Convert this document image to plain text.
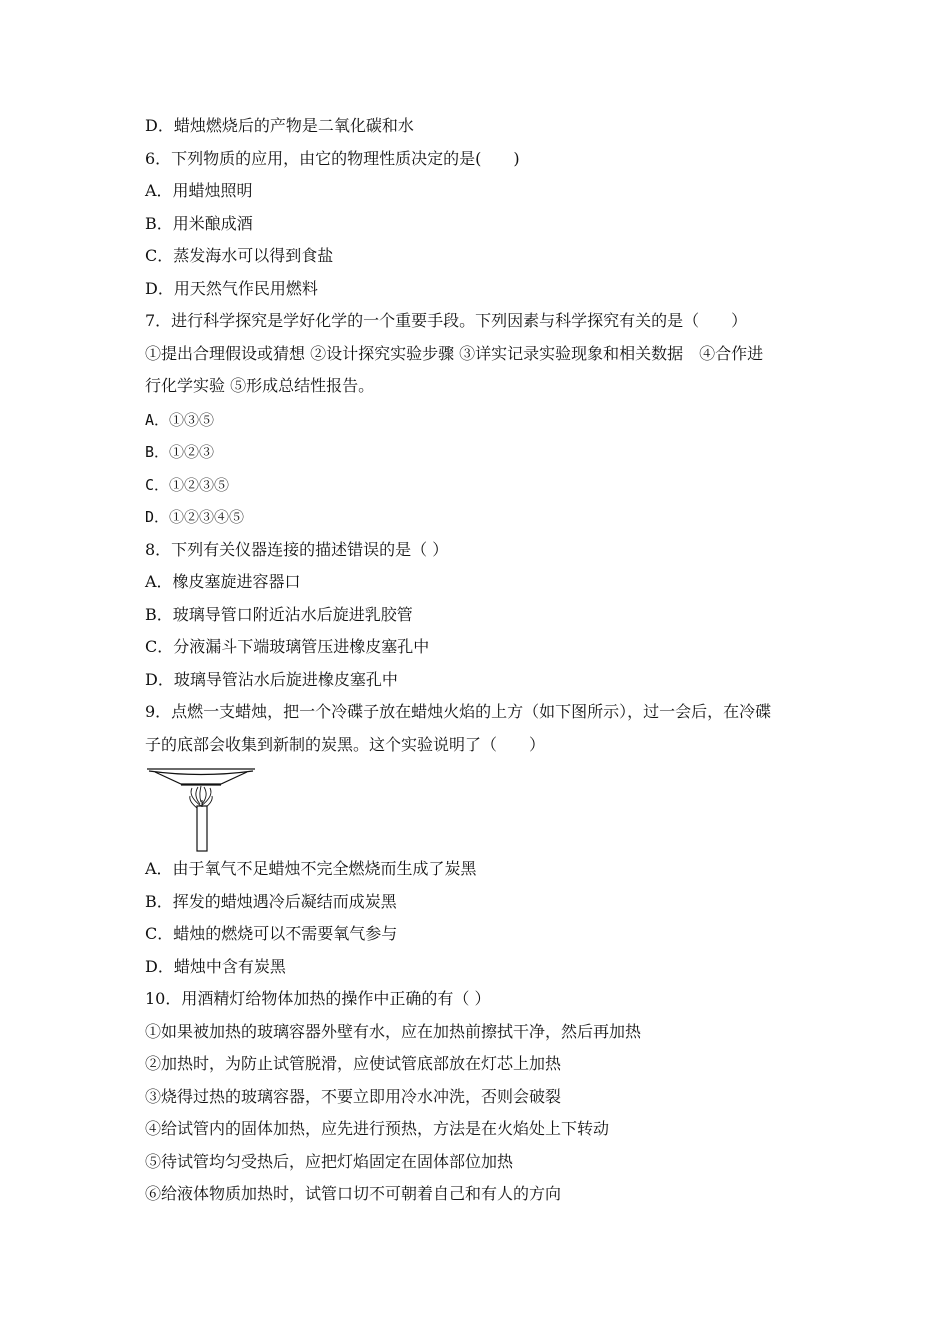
D．蜡烛燃烧后的产物是二氧化碳和水
6．下列物质的应用，由它的物理性质决定的是(　　)
A．用蜡烛照明
B．用米酿成酒
C．蒸发海水可以得到食盐
D．用天然气作民用燃料
7．进行科学探究是学好化学的一个重要手段。下列因素与科学探究有关的是（　　）
①提出合理假设或猜想 ②设计探究实验步骤 ③详实记录实验现象和相关数据　④合作进
行化学实验 ⑤形成总结性报告。
A．①③⑤
B．①②③
C．①②③⑤
D．①②③④⑤
8．下列有关仪器连接的描述错误的是（ ）
A．橡皮塞旋进容器口
B．玻璃导管口附近沾水后旋进乳胶管
C．分液漏斗下端玻璃管压进橡皮塞孔中
D．玻璃导管沾水后旋进橡皮塞孔中
9．点燃一支蜡烛，把一个冷碟子放在蜡烛火焰的上方（如下图所示），过一会后，在冷碟
子的底部会收集到新制的炭黑。这个实验说明了（　　）
A．由于氧气不足蜡烛不完全燃烧而生成了炭黑
B．挥发的蜡烛遇冷后凝结而成炭黑
C．蜡烛的燃烧可以不需要氧气参与
D．蜡烛中含有炭黑
10．用酒精灯给物体加热的操作中正确的有（ ）
①如果被加热的玻璃容器外壁有水，应在加热前擦拭干净，然后再加热
②加热时，为防止试管脱滑，应使试管底部放在灯芯上加热
③烧得过热的玻璃容器，不要立即用冷水冲洗，否则会破裂
④给试管内的固体加热，应先进行预热，方法是在火焰处上下转动
⑤待试管均匀受热后，应把灯焰固定在固体部位加热
⑥给液体物质加热时，试管口切不可朝着自己和有人的方向
